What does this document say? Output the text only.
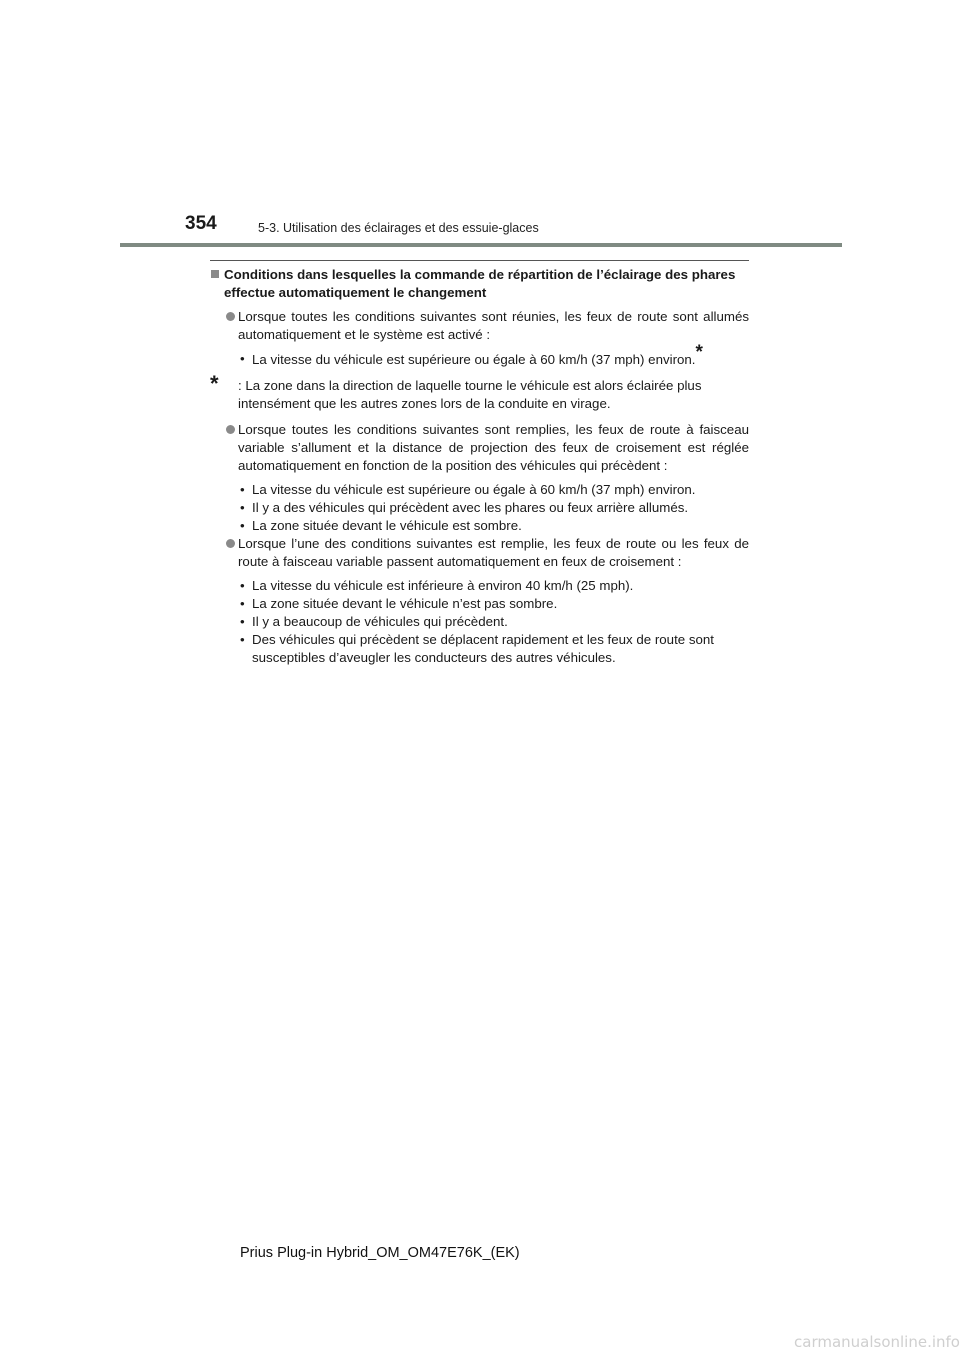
354	5-3. Utilisation des éclairages et des essuie-glaces

Conditions dans lesquelles la commande de répartition de l’éclairage des phares effectue automatiquement le changement

Lorsque toutes les conditions suivantes sont réunies, les feux de route sont allumés automatiquement et le système est activé :

• La vitesse du véhicule est supérieure ou égale à 60 km/h (37 mph) environ.*

* : La zone dans la direction de laquelle tourne le véhicule est alors éclairée plus intensément que les autres zones lors de la conduite en virage.

Lorsque toutes les conditions suivantes sont remplies, les feux de route à faisceau variable s’allument et la distance de projection des feux de croisement est réglée automatiquement en fonction de la position des véhicules qui précèdent :

• La vitesse du véhicule est supérieure ou égale à 60 km/h (37 mph) environ.
• Il y a des véhicules qui précèdent avec les phares ou feux arrière allumés.
• La zone située devant le véhicule est sombre.

Lorsque l’une des conditions suivantes est remplie, les feux de route ou les feux de route à faisceau variable passent automatiquement en feux de croisement :

• La vitesse du véhicule est inférieure à environ 40 km/h (25 mph).
• La zone située devant le véhicule n’est pas sombre.
• Il y a beaucoup de véhicules qui précèdent.
• Des véhicules qui précèdent se déplacent rapidement et les feux de route sont susceptibles d’aveugler les conducteurs des autres véhicules.
Prius Plug-in Hybrid_OM_OM47E76K_(EK)
carmanualsonline.info
